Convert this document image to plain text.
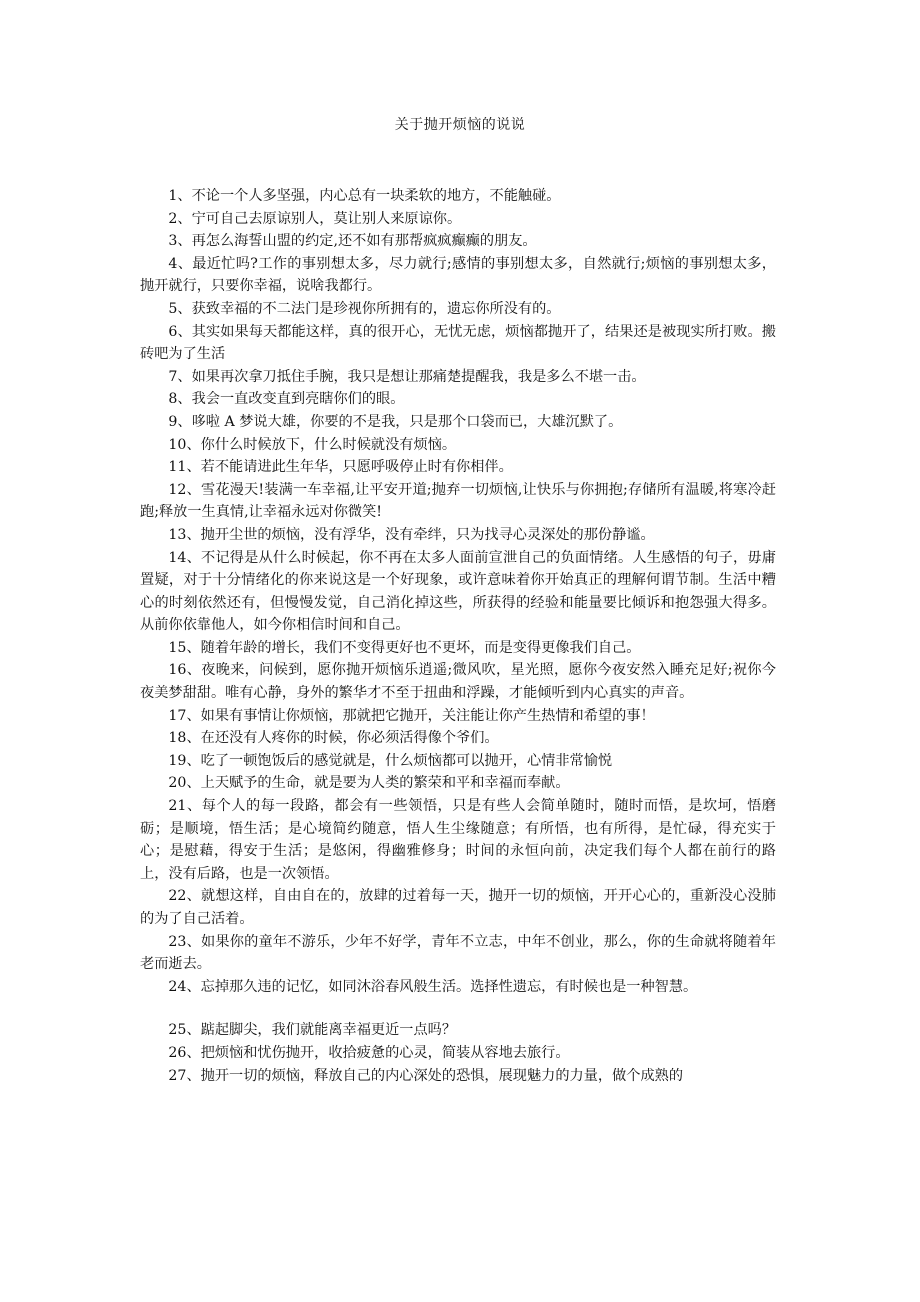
关于抛开烦恼的说说

1、不论一个人多坚强，内心总有一块柔软的地方，不能触碰。

2、宁可自己去原谅别人，莫让别人来原谅你。

3、再怎么海誓山盟的约定,还不如有那帮疯疯癫癫的朋友。

4、最近忙吗?工作的事别想太多，尽力就行;感情的事别想太多，自然就行;烦恼的事别想太多，抛开就行，只要你幸福，说啥我都行。

5、获致幸福的不二法门是珍视你所拥有的，遗忘你所没有的。

6、其实如果每天都能这样，真的很开心，无忧无虑，烦恼都抛开了，结果还是被现实所打败。搬砖吧为了生活

7、如果再次拿刀抵住手腕，我只是想让那痛楚提醒我，我是多么不堪一击。

8、我会一直改变直到亮瞎你们的眼。

9、哆啦 A 梦说大雄，你要的不是我，只是那个口袋而已，大雄沉默了。

10、你什么时候放下，什么时候就没有烦恼。

11、若不能请进此生年华，只愿呼吸停止时有你相伴。

12、雪花漫天!装满一车幸福,让平安开道;抛弃一切烦恼,让快乐与你拥抱;存储所有温暖,将寒冷赶跑;释放一生真情,让幸福永远对你微笑!

13、抛开尘世的烦恼，没有浮华，没有牵绊，只为找寻心灵深处的那份静谧。

14、不记得是从什么时候起，你不再在太多人面前宣泄自己的负面情绪。人生感悟的句子，毋庸置疑，对于十分情绪化的你来说这是一个好现象，或许意味着你开始真正的理解何谓节制。生活中糟心的时刻依然还有，但慢慢发觉，自己消化掉这些，所获得的经验和能量要比倾诉和抱怨强大得多。从前你依靠他人，如今你相信时间和自己。

15、随着年龄的增长，我们不变得更好也不更坏，而是变得更像我们自己。

16、夜晚来，问候到，愿你抛开烦恼乐逍遥;微风吹，星光照，愿你今夜安然入睡充足好;祝你今夜美梦甜甜。唯有心静，身外的繁华才不至于扭曲和浮躁，才能倾听到内心真实的声音。

17、如果有事情让你烦恼，那就把它抛开，关注能让你产生热情和希望的事！

18、在还没有人疼你的时候，你必须活得像个爷们。

19、吃了一顿饱饭后的感觉就是，什么烦恼都可以抛开，心情非常愉悦

20、上天赋予的生命，就是要为人类的繁荣和平和幸福而奉献。

21、每个人的每一段路，都会有一些领悟，只是有些人会简单随时，随时而悟，是坎坷，悟磨砺；是顺境，悟生活；是心境简约随意，悟人生尘缘随意；有所悟，也有所得，是忙碌，得充实于心；是慰藉，得安于生活；是悠闲，得幽雅修身；时间的永恒向前，决定我们每个人都在前行的路上，没有后路，也是一次领悟。

22、就想这样，自由自在的，放肆的过着每一天，抛开一切的烦恼，开开心心的，重新没心没肺的为了自己活着。

23、如果你的童年不游乐，少年不好学，青年不立志，中年不创业，那么，你的生命就将随着年老而逝去。

24、忘掉那久违的记忆，如同沐浴春风般生活。选择性遗忘，有时候也是一种智慧。

25、踮起脚尖，我们就能离幸福更近一点吗？

26、把烦恼和忧伤抛开，收拾疲惫的心灵，简装从容地去旅行。

27、抛开一切的烦恼，释放自己的内心深处的恐惧，展现魅力的力量，做个成熟的
